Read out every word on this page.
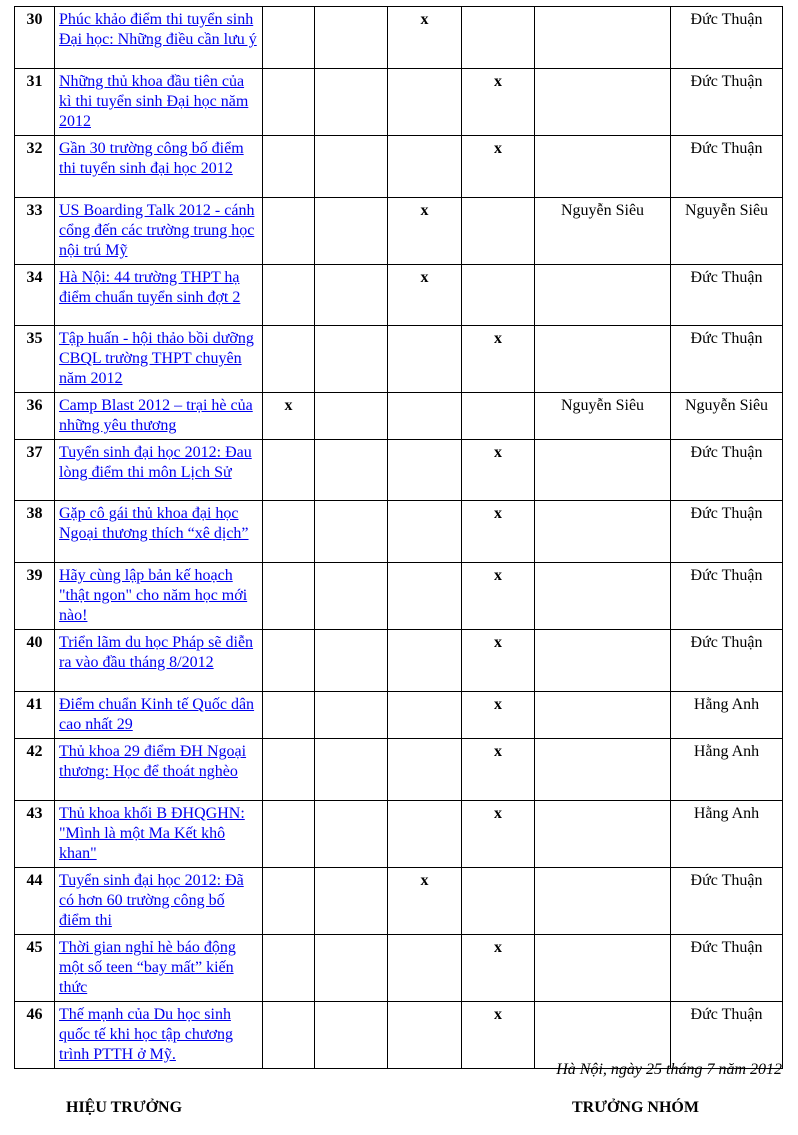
30	Phúc khảo điểm thi tuyển sinh Đại học: Những điều cần lưu ý			x			Đức Thuận
31	Những thủ khoa đầu tiên của kì thi tuyển sinh Đại học năm 2012				x		Đức Thuận
32	Gần 30 trường công bố điểm thi tuyển sinh đại học 2012				x		Đức Thuận
33	US Boarding Talk 2012 - cánh cổng đến các trường trung học nội trú Mỹ			x		Nguyễn Siêu	Nguyễn Siêu
34	Hà Nội: 44 trường THPT hạ điểm chuẩn tuyển sinh đợt 2			x			Đức Thuận
35	Tập huấn - hội thảo bồi dưỡng CBQL trường THPT chuyên năm 2012				x		Đức Thuận
36	Camp Blast 2012 – trại hè của những yêu thương	x				Nguyễn Siêu	Nguyễn Siêu
37	Tuyển sinh đại học 2012: Đau lòng điểm thi môn Lịch Sử				x		Đức Thuận
38	Gặp cô gái thủ khoa đại học Ngoại thương thích “xê dịch”				x		Đức Thuận
39	Hãy cùng lập bản kế hoạch "thật ngon" cho năm học mới nào!				x		Đức Thuận
40	Triển lãm du học Pháp sẽ diễn ra vào đầu tháng 8/2012				x		Đức Thuận
41	Điểm chuẩn Kinh tế Quốc dân cao nhất 29				x		Hằng Anh
42	Thủ khoa 29 điểm ĐH Ngoại thương: Học để thoát nghèo				x		Hằng Anh
43	Thủ khoa khối B ĐHQGHN: "Mình là một Ma Kết khô khan"				x		Hằng Anh
44	Tuyển sinh đại học 2012: Đã có hơn 60 trường công bố điểm thi			x			Đức Thuận
45	Thời gian nghỉ hè báo động một số teen “bay mất” kiến thức				x		Đức Thuận
46	Thế mạnh của Du học sinh quốc tế khi học tập chương trình PTTH ở Mỹ.				x		Đức Thuận
Hà Nội, ngày 25 tháng 7 năm 2012
HIỆU TRƯỞNG	TRƯỞNG NHÓM
